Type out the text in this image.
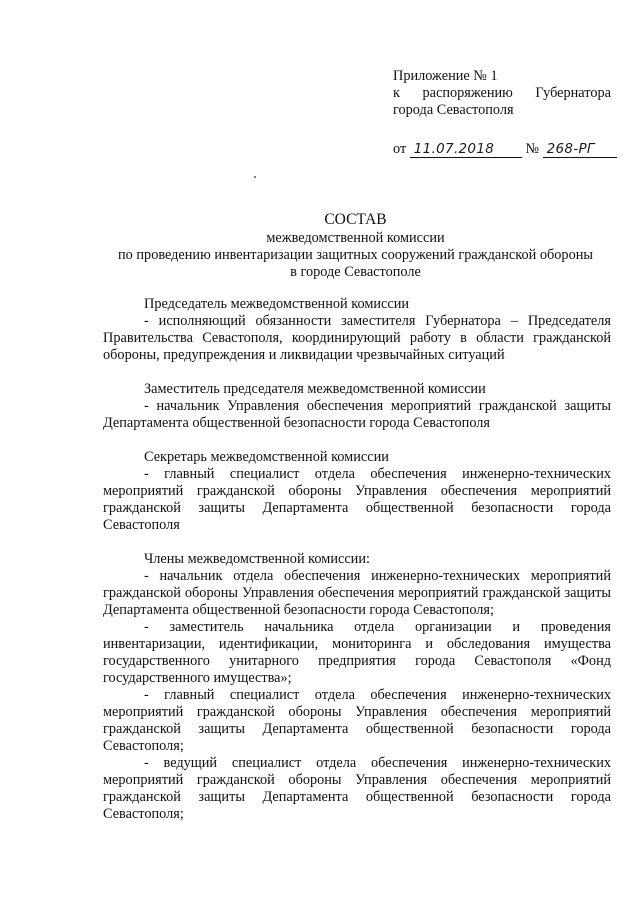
Приложение № 1
к распоряжению Губернатора
города Севастополя
от 11.07.2018 № 268-РГ
СОСТАВ
межведомственной комиссии
по проведению инвентаризации защитных сооружений гражданской обороны
в городе Севастополе
Председатель межведомственной комиссии
- исполняющий обязанности заместителя Губернатора – Председателя Правительства Севастополя, координирующий работу в области гражданской обороны, предупреждения и ликвидации чрезвычайных ситуаций
Заместитель председателя межведомственной комиссии
- начальник Управления обеспечения мероприятий гражданской защиты Департамента общественной безопасности города Севастополя
Секретарь межведомственной комиссии
- главный специалист отдела обеспечения инженерно-технических мероприятий гражданской обороны Управления обеспечения мероприятий гражданской защиты Департамента общественной безопасности города Севастополя
Члены межведомственной комиссии:
- начальник отдела обеспечения инженерно-технических мероприятий гражданской обороны Управления обеспечения мероприятий гражданской защиты Департамента общественной безопасности города Севастополя;
- заместитель начальника отдела организации и проведения инвентаризации, идентификации, мониторинга и обследования имущества государственного унитарного предприятия города Севастополя «Фонд государственного имущества»;
- главный специалист отдела обеспечения инженерно-технических мероприятий гражданской обороны Управления обеспечения мероприятий гражданской защиты Департамента общественной безопасности города Севастополя;
- ведущий специалист отдела обеспечения инженерно-технических мероприятий гражданской обороны Управления обеспечения мероприятий гражданской защиты Департамента общественной безопасности города Севастополя;
